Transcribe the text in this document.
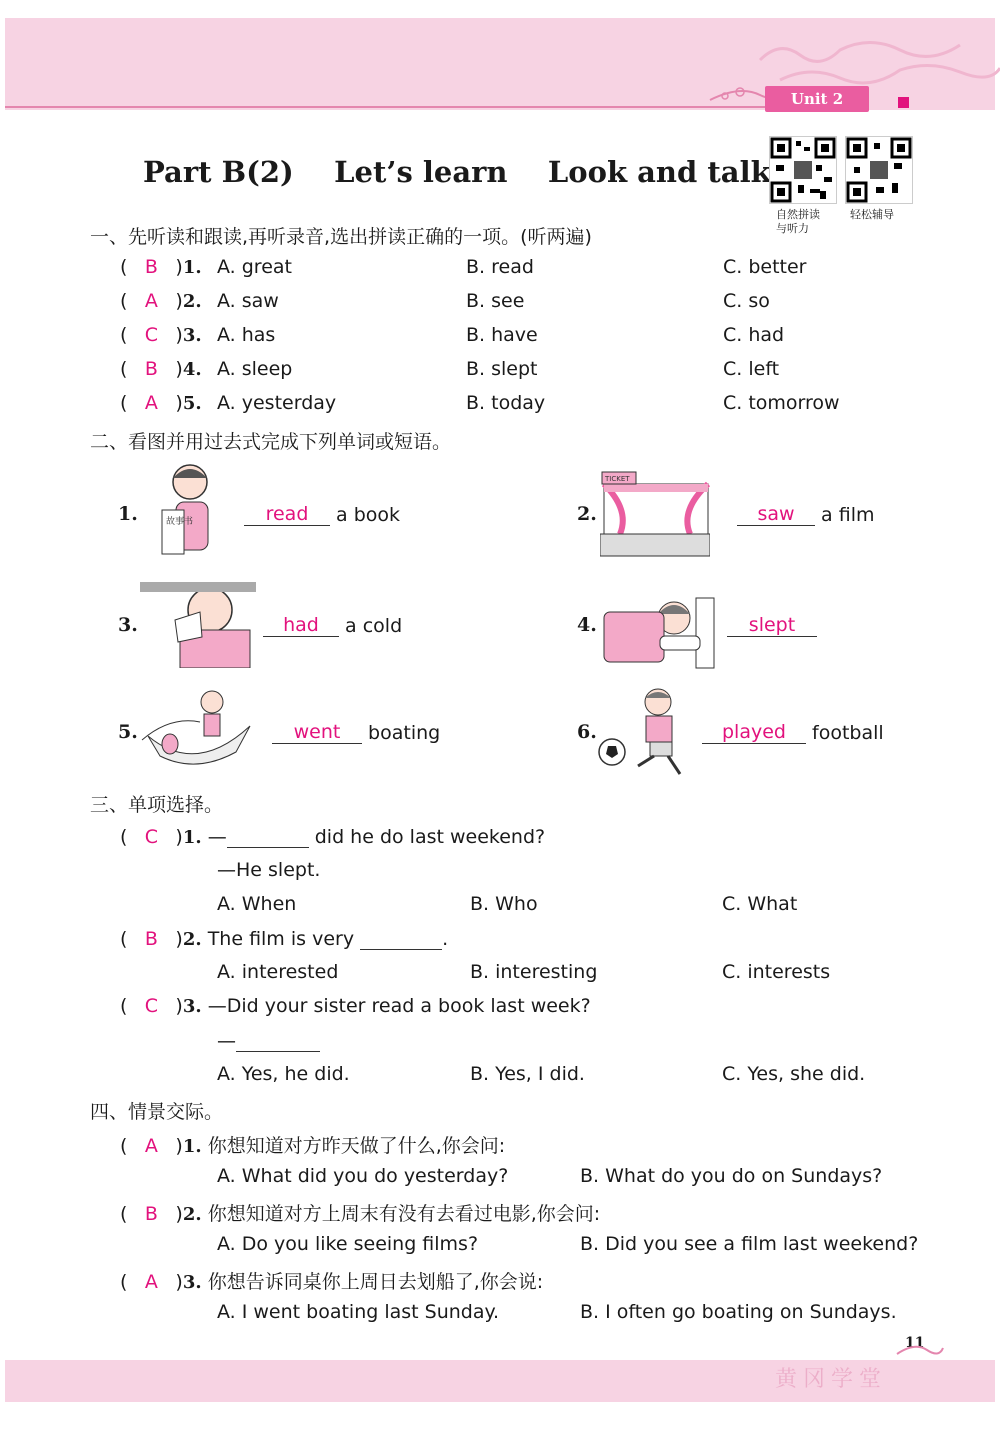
Unit 2
Part B(2)    Let’s learn    Look and talk
自然拼读
与听力
轻松辅导
一、先听读和跟读,再听录音,选出拼读正确的一项。(听两遍)
( B )1. A. great	B. read	C. better
( A )2. A. saw	B. see	C. so
( C )3. A. has	B. have	C. had
( B )4. A. sleep	B. slept	C. left
( A )5. A. yesterday	B. today	C. tomorrow
二、看图并用过去式完成下列单词或短语。
故事书
TICKET
1.	read a book	2.	saw a film
3.	had a cold	4.	slept
5.	went boating	6.	played football
三、单项选择。
( C )1. —	did he do last weekend?
—He slept.
A. When	B. Who	C. What
( B )2. The film is very	.
A. interested	B. interesting	C. interests
( C )3. —Did your sister read a book last week?
—
A. Yes, he did.	B. Yes, I did.	C. Yes, she did.
四、情景交际。
( A )1. 你想知道对方昨天做了什么,你会问:
A. What did you do yesterday?	B. What do you do on Sundays?
( B )2. 你想知道对方上周末有没有去看过电影,你会问:
A. Do you like seeing films?	B. Did you see a film last weekend?
( A )3. 你想告诉同桌你上周日去划船了,你会说:
A. I went boating last Sunday.	B. I often go boating on Sundays.
11
黄冈学堂
